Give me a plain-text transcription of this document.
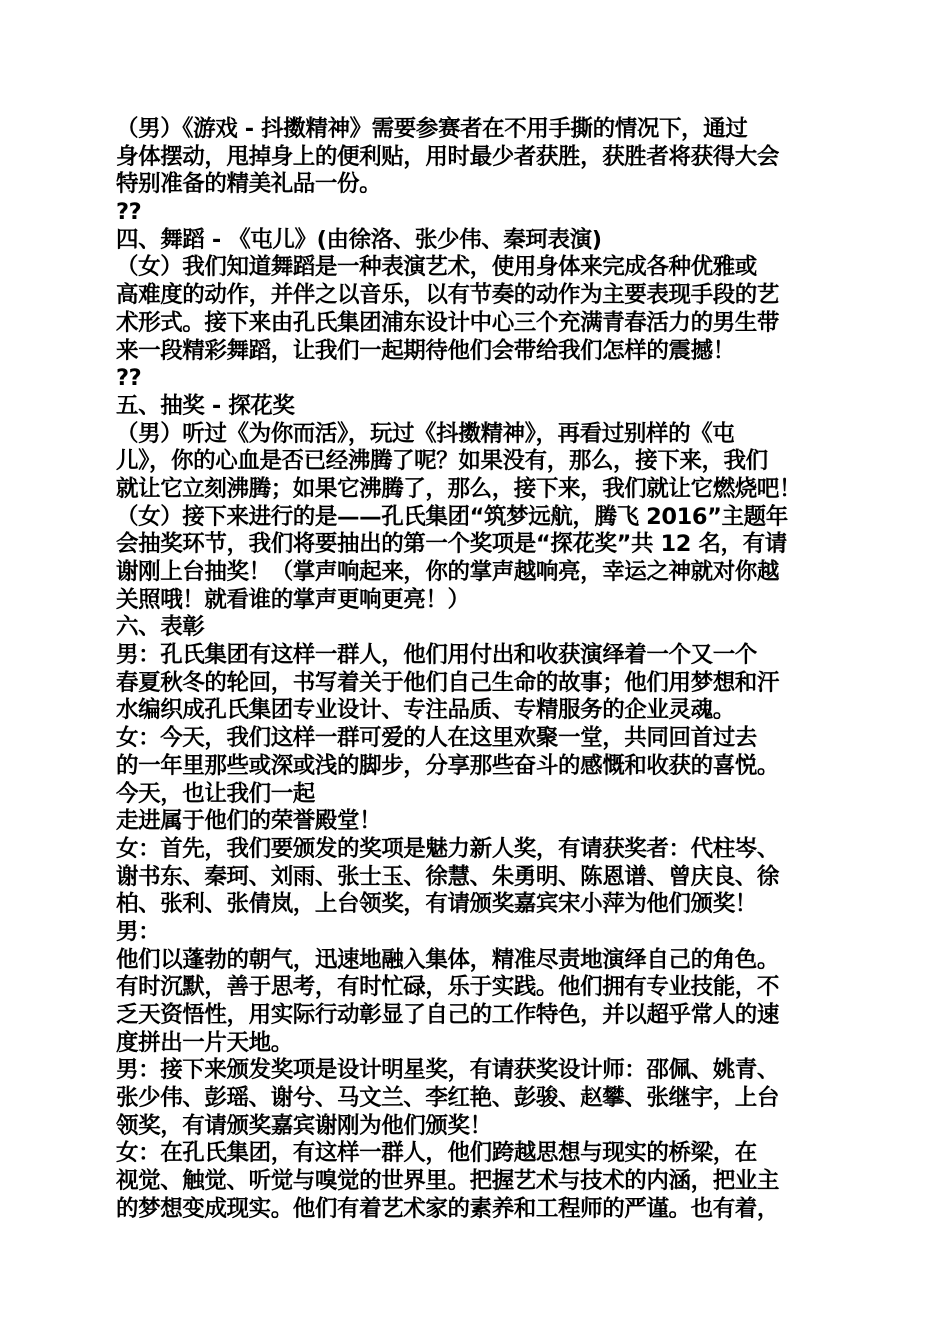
（男）《游戏 - 抖擞精神》需要参赛者在不用手撕的情况下，通过
身体摆动，甩掉身上的便利贴，用时最少者获胜，获胜者将获得大会
特别准备的精美礼品一份。
??
四、舞蹈 - 《屯儿》(由徐洛、张少伟、秦珂表演)
（女）我们知道舞蹈是一种表演艺术，使用身体来完成各种优雅或
高难度的动作，并伴之以音乐，以有节奏的动作为主要表现手段的艺
术形式。接下来由孔氏集团浦东设计中心三个充满青春活力的男生带
来一段精彩舞蹈，让我们一起期待他们会带给我们怎样的震撼！
??
五、抽奖 - 探花奖
（男）听过《为你而活》，玩过《抖擞精神》，再看过别样的《屯
儿》，你的心血是否已经沸腾了呢？如果没有，那么，接下来，我们
就让它立刻沸腾；如果它沸腾了，那么，接下来，我们就让它燃烧吧！
（女）接下来进行的是——孔氏集团“筑梦远航，腾飞 2016”主题年
会抽奖环节，我们将要抽出的第一个奖项是“探花奖”共 12 名，有请
谢刚上台抽奖！（掌声响起来，你的掌声越响亮，幸运之神就对你越
关照哦！就看谁的掌声更响更亮！）
六、表彰
男：孔氏集团有这样一群人，他们用付出和收获演绎着一个又一个
春夏秋冬的轮回，书写着关于他们自己生命的故事；他们用梦想和汗
水编织成孔氏集团专业设计、专注品质、专精服务的企业灵魂。
女：今天，我们这样一群可爱的人在这里欢聚一堂，共同回首过去
的一年里那些或深或浅的脚步，分享那些奋斗的感慨和收获的喜悦。
今天，也让我们一起
走进属于他们的荣誉殿堂！
女：首先，我们要颁发的奖项是魅力新人奖，有请获奖者：代柱岑、
谢书东、秦珂、刘雨、张士玉、徐慧、朱勇明、陈恩谱、曾庆良、徐
柏、张利、张倩岚，上台领奖，有请颁奖嘉宾宋小萍为他们颁奖！
男：
他们以蓬勃的朝气，迅速地融入集体，精准尽责地演绎自己的角色。
有时沉默，善于思考，有时忙碌，乐于实践。他们拥有专业技能，不
乏天资悟性，用实际行动彰显了自己的工作特色，并以超乎常人的速
度拼出一片天地。
男：接下来颁发奖项是设计明星奖，有请获奖设计师：邵佩、姚青、
张少伟、彭瑶、谢兮、马文兰、李红艳、彭骏、赵攀、张继宇，上台
领奖，有请颁奖嘉宾谢刚为他们颁奖！
女：在孔氏集团，有这样一群人，他们跨越思想与现实的桥梁，在
视觉、触觉、听觉与嗅觉的世界里。把握艺术与技术的内涵，把业主
的梦想变成现实。他们有着艺术家的素养和工程师的严谨。也有着，
